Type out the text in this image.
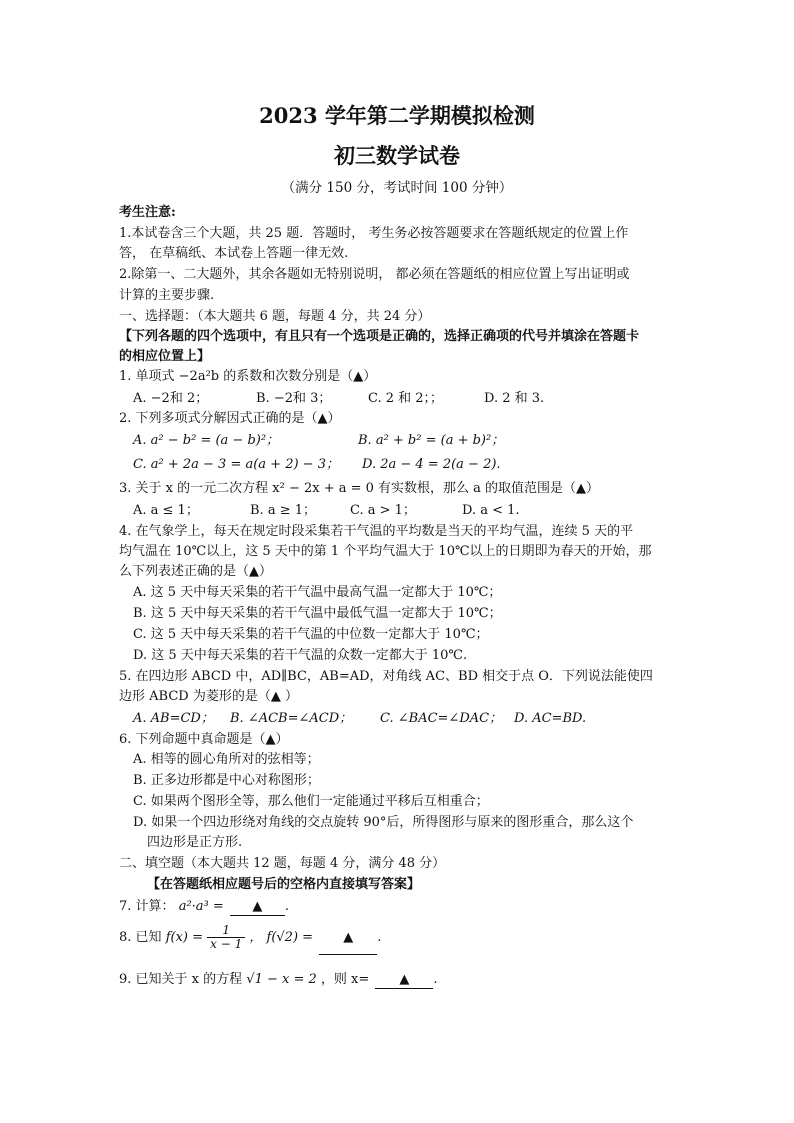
2023 学年第二学期模拟检测
初三数学试卷
（满分 150 分，考试时间 100 分钟）
考生注意:
1.本试卷含三个大题，共 25 题．答题时， 考生务必按答题要求在答题纸规定的位置上作
答， 在草稿纸、本试卷上答题一律无效.
2.除第一、二大题外，其余各题如无特别说明， 都必须在答题纸的相应位置上写出证明或
计算的主要步骤.
一、选择题：（本大题共 6 题，每题 4 分，共 24 分）
【下列各题的四个选项中，有且只有一个选项是正确的，选择正确项的代号并填涂在答题卡
的相应位置上】
1. 单项式 −2a²b 的系数和次数分别是（▲）
A. −2和 2；	B. −2和 3；	C. 2 和 2；；	D. 2 和 3.
2. 下列多项式分解因式正确的是（▲）
A. a² − b² = (a − b)²；	B. a² + b² = (a + b)²；
C. a² + 2a − 3 = a(a + 2) − 3； D. 2a − 4 = 2(a − 2).
3. 关于 x 的一元二次方程 x² − 2x + a = 0 有实数根，那么 a 的取值范围是（▲）
A. a ≤ 1；	B. a ≥ 1；	C. a > 1；	D. a < 1.
4. 在气象学上，每天在规定时段采集若干气温的平均数是当天的平均气温，连续 5 天的平
均气温在 10℃以上，这 5 天中的第 1 个平均气温大于 10℃以上的日期即为春天的开始，那
么下列表述正确的是（▲）
A. 这 5 天中每天采集的若干气温中最高气温一定都大于 10℃；
B. 这 5 天中每天采集的若干气温中最低气温一定都大于 10℃；
C. 这 5 天中每天采集的若干气温的中位数一定都大于 10℃；
D. 这 5 天中每天采集的若干气温的众数一定都大于 10℃.
5. 在四边形 ABCD 中，AD∥BC，AB=AD，对角线 AC、BD 相交于点 O．下列说法能使四
边形 ABCD 为菱形的是（▲ ）
A. AB=CD； B. ∠ACB=∠ACD； C. ∠BAC=∠DAC； D. AC=BD.
6. 下列命题中真命题是（▲）
A. 相等的圆心角所对的弦相等；
B. 正多边形都是中心对称图形；
C. 如果两个图形全等，那么他们一定能通过平移后互相重合；
D. 如果一个四边形绕对角线的交点旋转 90°后，所得图形与原来的图形重合，那么这个
四边形是正方形.
二、填空题（本大题共 12 题，每题 4 分，满分 48 分）
【在答题纸相应题号后的空格内直接填写答案】
7. 计算： a²·a³ = ▲ .
8. 已知 $f(x) = \frac{1}{x - 1}$ ， f(√2) = ▲ .
9. 已知关于 x 的方程 √1 − x = 2 ，则 x= ▲ .
